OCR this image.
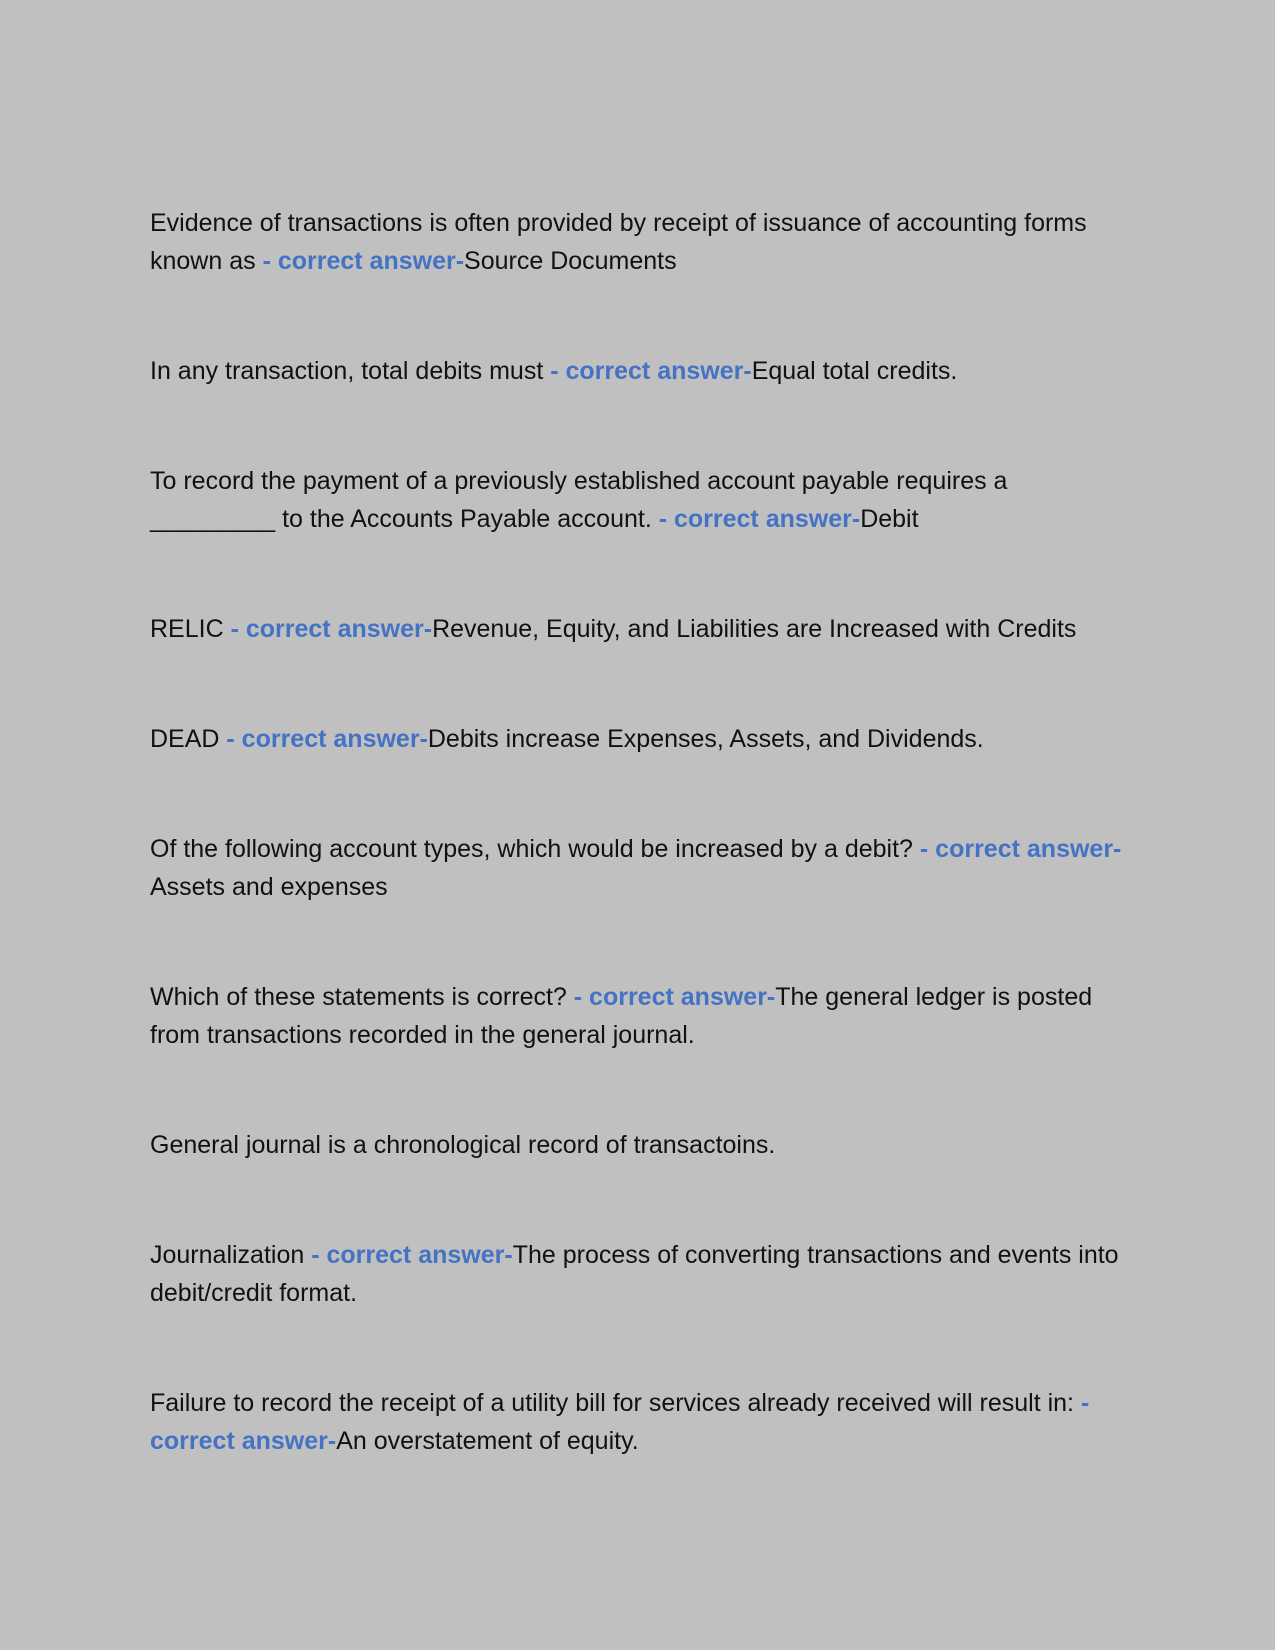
Evidence of transactions is often provided by receipt of issuance of accounting forms known as - correct answer-Source Documents

In any transaction, total debits must - correct answer-Equal total credits.

To record the payment of a previously established account payable requires a _________ to the Accounts Payable account. - correct answer-Debit

RELIC - correct answer-Revenue, Equity, and Liabilities are Increased with Credits

DEAD - correct answer-Debits increase Expenses, Assets, and Dividends.

Of the following account types, which would be increased by a debit? - correct answer-Assets and expenses

Which of these statements is correct? - correct answer-The general ledger is posted from transactions recorded in the general journal.

General journal is a chronological record of transactoins.

Journalization - correct answer-The process of converting transactions and events into debit/credit format.

Failure to record the receipt of a utility bill for services already received will result in: - correct answer-An overstatement of equity.
